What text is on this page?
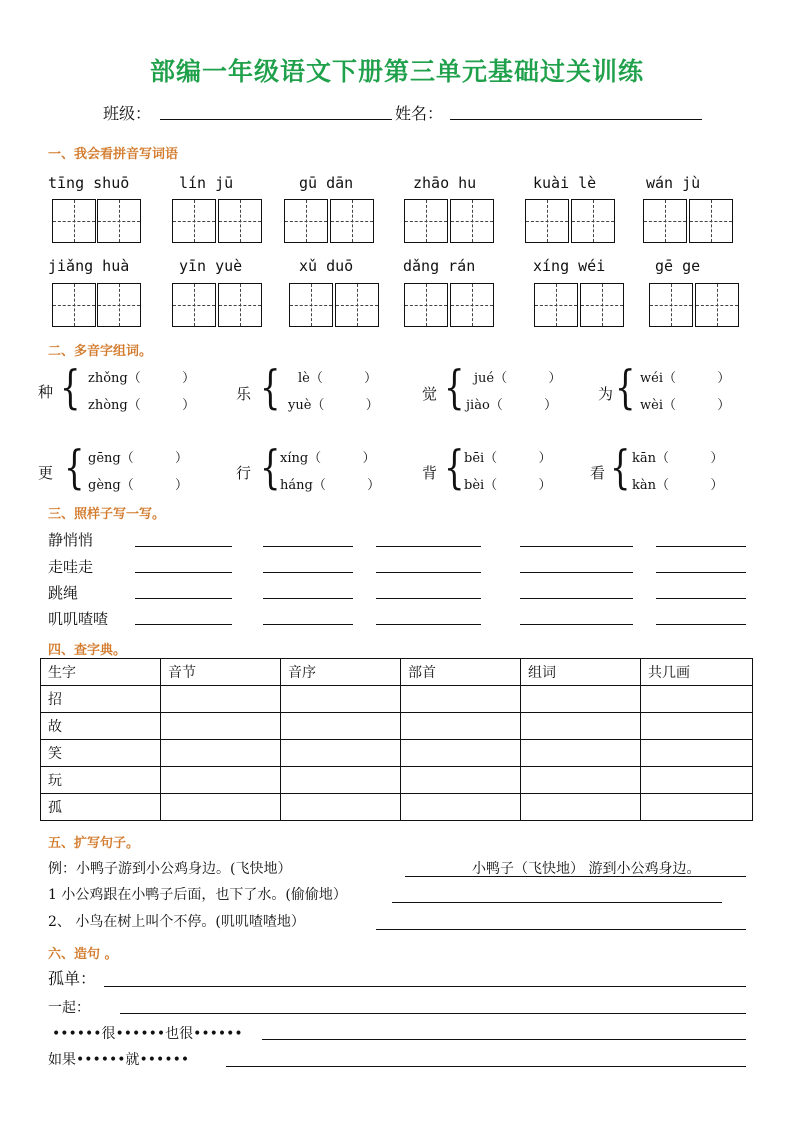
部编一年级语文下册第三单元基础过关训练
班级：	姓名：
一、我会看拼音写词语
tīng shuō	lín jū	gū dān	zhāo hu	kuài lè	wán jù
jiǎng huà	yīn yuè	xǔ duō	dǎng rán	xíng wéi	gē ge
二、多音字组词。
种 { zhǒng（          ）
zhòng（          ）
乐 { lè（          ）
yuè（          ）
觉 { jué（          ）
jiào（          ）
为 { wéi（          ）
wèi（          ）
更 { gēng（          ）
gèng（          ）
行 { xíng（          ）
háng（          ）
背 { bēi（          ）
bèi（          ）
看 { kān（          ）
kàn（          ）
三、照样子写一写。
静悄悄
走哇走
跳绳
叽叽喳喳
四、查字典。
生字	音节	音序	部首	组词	共几画
招					
故					
笑					
玩					
孤					
五、扩写句子。
例：小鸭子游到小公鸡身边。(飞快地）	小鸭子（飞快地） 游到小公鸡身边。
1 小公鸡跟在小鸭子后面，也下了水。(偷偷地）
2、 小鸟在树上叫个不停。(叽叽喳喳地）
六、造句 。
孤单：
一起：
••••••很••••••也很••••••
如果••••••就••••••
